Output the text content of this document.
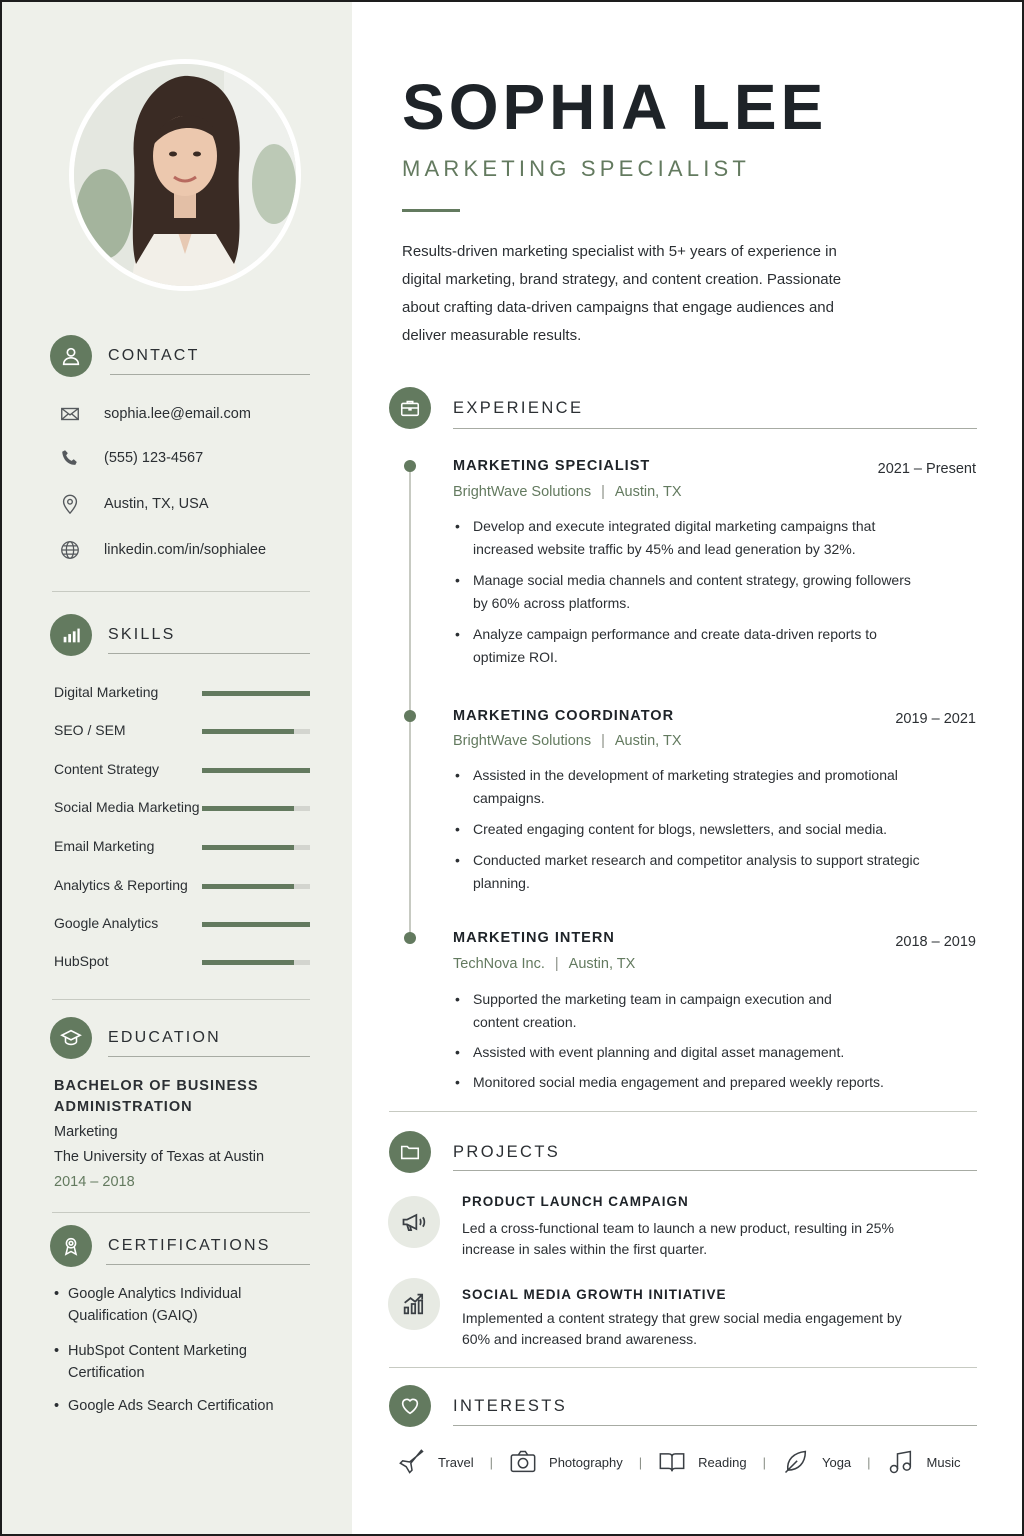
CONTACT
sophia.lee@email.com
(555) 123-4567
Austin, TX, USA
linkedin.com/in/sophialee
SKILLS
Digital Marketing
SEO / SEM
Content Strategy
Social Media Marketing
Email Marketing
Analytics & Reporting
Google Analytics
HubSpot
EDUCATION
BACHELOR OF BUSINESS ADMINISTRATION
Marketing
The University of Texas at Austin
2014 – 2018
CERTIFICATIONS
• Google Analytics Individual Qualification (GAIQ)
• HubSpot Content Marketing Certification
• Google Ads Search Certification
SOPHIA LEE
MARKETING SPECIALIST
Results-driven marketing specialist with 5+ years of experience in digital marketing, brand strategy, and content creation. Passionate about crafting data-driven campaigns that engage audiences and deliver measurable results.
EXPERIENCE
MARKETING SPECIALIST	2021 – Present
BrightWave Solutions | Austin, TX
• Develop and execute integrated digital marketing campaigns that increased website traffic by 45% and lead generation by 32%.
• Manage social media channels and content strategy, growing followers by 60% across platforms.
• Analyze campaign performance and create data-driven reports to optimize ROI.
MARKETING COORDINATOR	2019 – 2021
BrightWave Solutions | Austin, TX
• Assisted in the development of marketing strategies and promotional campaigns.
• Created engaging content for blogs, newsletters, and social media.
• Conducted market research and competitor analysis to support strategic planning.
MARKETING INTERN	2018 – 2019
TechNova Inc. | Austin, TX
• Supported the marketing team in campaign execution and content creation.
• Assisted with event planning and digital asset management.
• Monitored social media engagement and prepared weekly reports.
PROJECTS
PRODUCT LAUNCH CAMPAIGN
Led a cross-functional team to launch a new product, resulting in 25% increase in sales within the first quarter.
SOCIAL MEDIA GROWTH INITIATIVE
Implemented a content strategy that grew social media engagement by 60% and increased brand awareness.
INTERESTS
Travel |	Photography |	Reading |	Yoga |	Music
